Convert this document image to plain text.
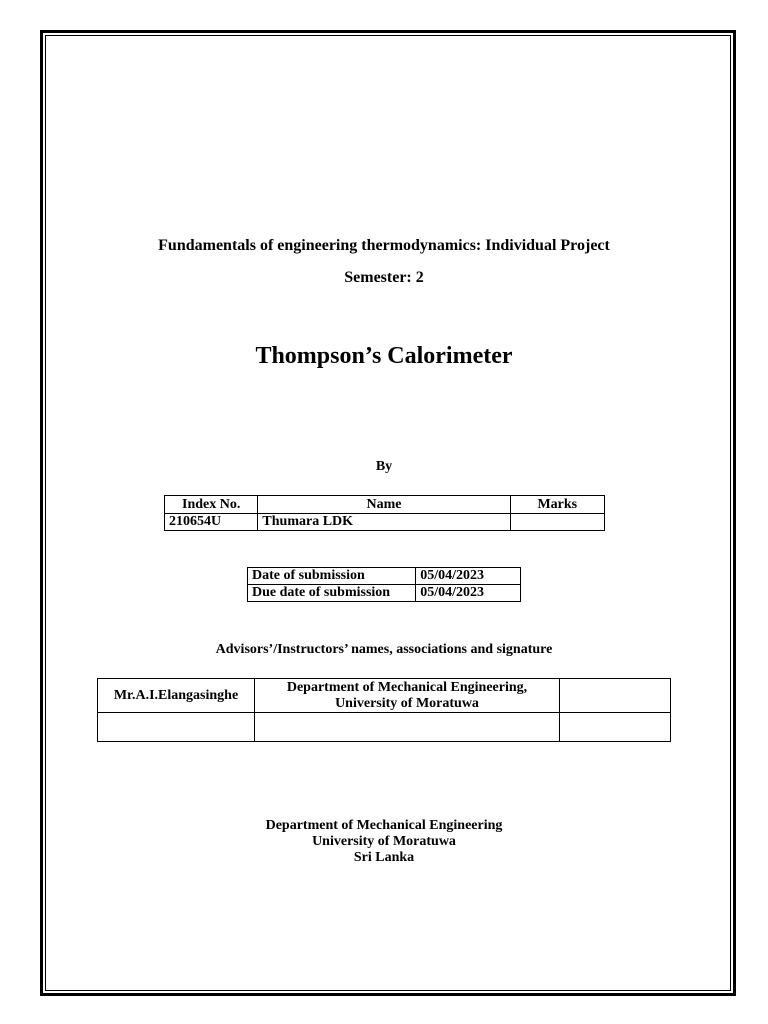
Fundamentals of engineering thermodynamics: Individual Project
Semester: 2
Thompson’s Calorimeter
By
Index No.	Name	Marks
210654U	Thumara LDK	
Date of submission	05/04/2023
Due date of submission	05/04/2023
Advisors’/Instructors’ names, associations and signature
Mr.A.I.Elangasinghe	Department of Mechanical Engineering,
University of Moratuwa	

Department of Mechanical Engineering
University of Moratuwa
Sri Lanka
